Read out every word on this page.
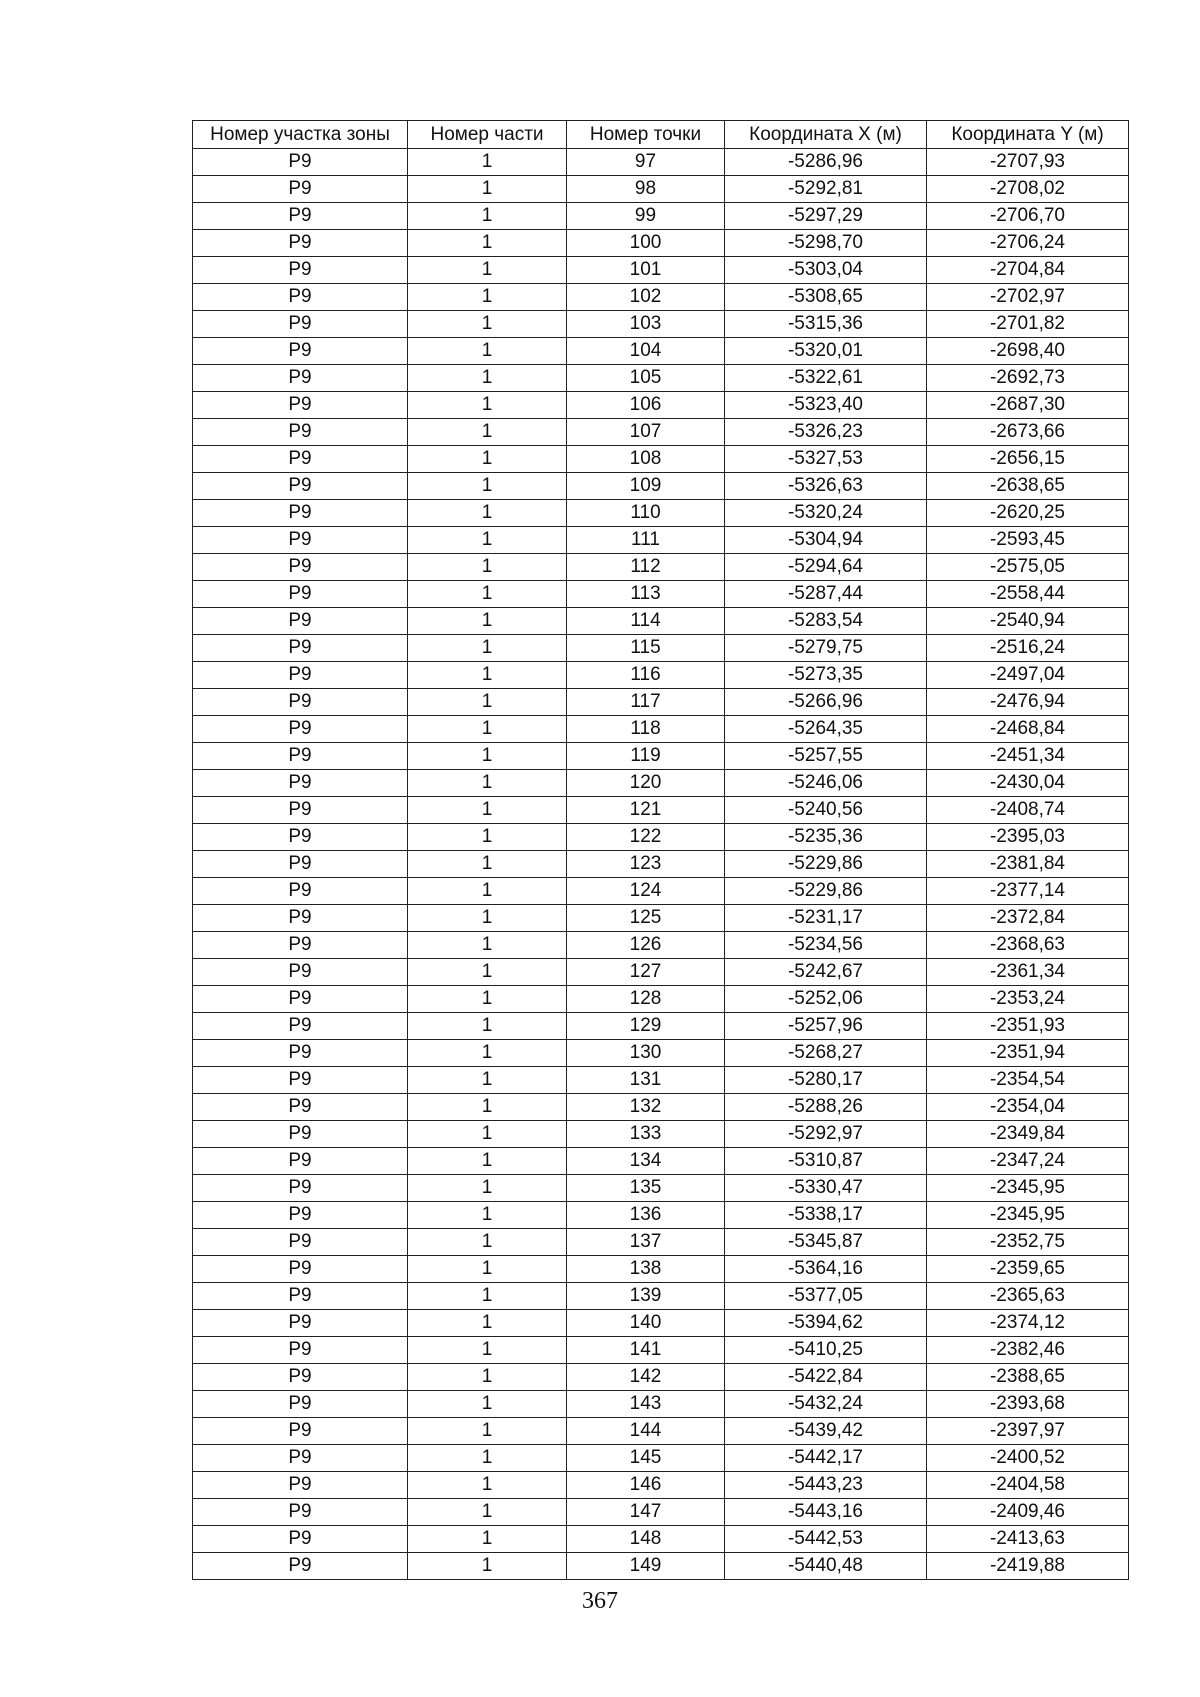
Номер участка зоны	Номер части	Номер точки	Координата X (м)	Координата Y (м)
Р9	1	97	-5286,96	-2707,93
Р9	1	98	-5292,81	-2708,02
Р9	1	99	-5297,29	-2706,70
Р9	1	100	-5298,70	-2706,24
Р9	1	101	-5303,04	-2704,84
Р9	1	102	-5308,65	-2702,97
Р9	1	103	-5315,36	-2701,82
Р9	1	104	-5320,01	-2698,40
Р9	1	105	-5322,61	-2692,73
Р9	1	106	-5323,40	-2687,30
Р9	1	107	-5326,23	-2673,66
Р9	1	108	-5327,53	-2656,15
Р9	1	109	-5326,63	-2638,65
Р9	1	110	-5320,24	-2620,25
Р9	1	111	-5304,94	-2593,45
Р9	1	112	-5294,64	-2575,05
Р9	1	113	-5287,44	-2558,44
Р9	1	114	-5283,54	-2540,94
Р9	1	115	-5279,75	-2516,24
Р9	1	116	-5273,35	-2497,04
Р9	1	117	-5266,96	-2476,94
Р9	1	118	-5264,35	-2468,84
Р9	1	119	-5257,55	-2451,34
Р9	1	120	-5246,06	-2430,04
Р9	1	121	-5240,56	-2408,74
Р9	1	122	-5235,36	-2395,03
Р9	1	123	-5229,86	-2381,84
Р9	1	124	-5229,86	-2377,14
Р9	1	125	-5231,17	-2372,84
Р9	1	126	-5234,56	-2368,63
Р9	1	127	-5242,67	-2361,34
Р9	1	128	-5252,06	-2353,24
Р9	1	129	-5257,96	-2351,93
Р9	1	130	-5268,27	-2351,94
Р9	1	131	-5280,17	-2354,54
Р9	1	132	-5288,26	-2354,04
Р9	1	133	-5292,97	-2349,84
Р9	1	134	-5310,87	-2347,24
Р9	1	135	-5330,47	-2345,95
Р9	1	136	-5338,17	-2345,95
Р9	1	137	-5345,87	-2352,75
Р9	1	138	-5364,16	-2359,65
Р9	1	139	-5377,05	-2365,63
Р9	1	140	-5394,62	-2374,12
Р9	1	141	-5410,25	-2382,46
Р9	1	142	-5422,84	-2388,65
Р9	1	143	-5432,24	-2393,68
Р9	1	144	-5439,42	-2397,97
Р9	1	145	-5442,17	-2400,52
Р9	1	146	-5443,23	-2404,58
Р9	1	147	-5443,16	-2409,46
Р9	1	148	-5442,53	-2413,63
Р9	1	149	-5440,48	-2419,88
367
